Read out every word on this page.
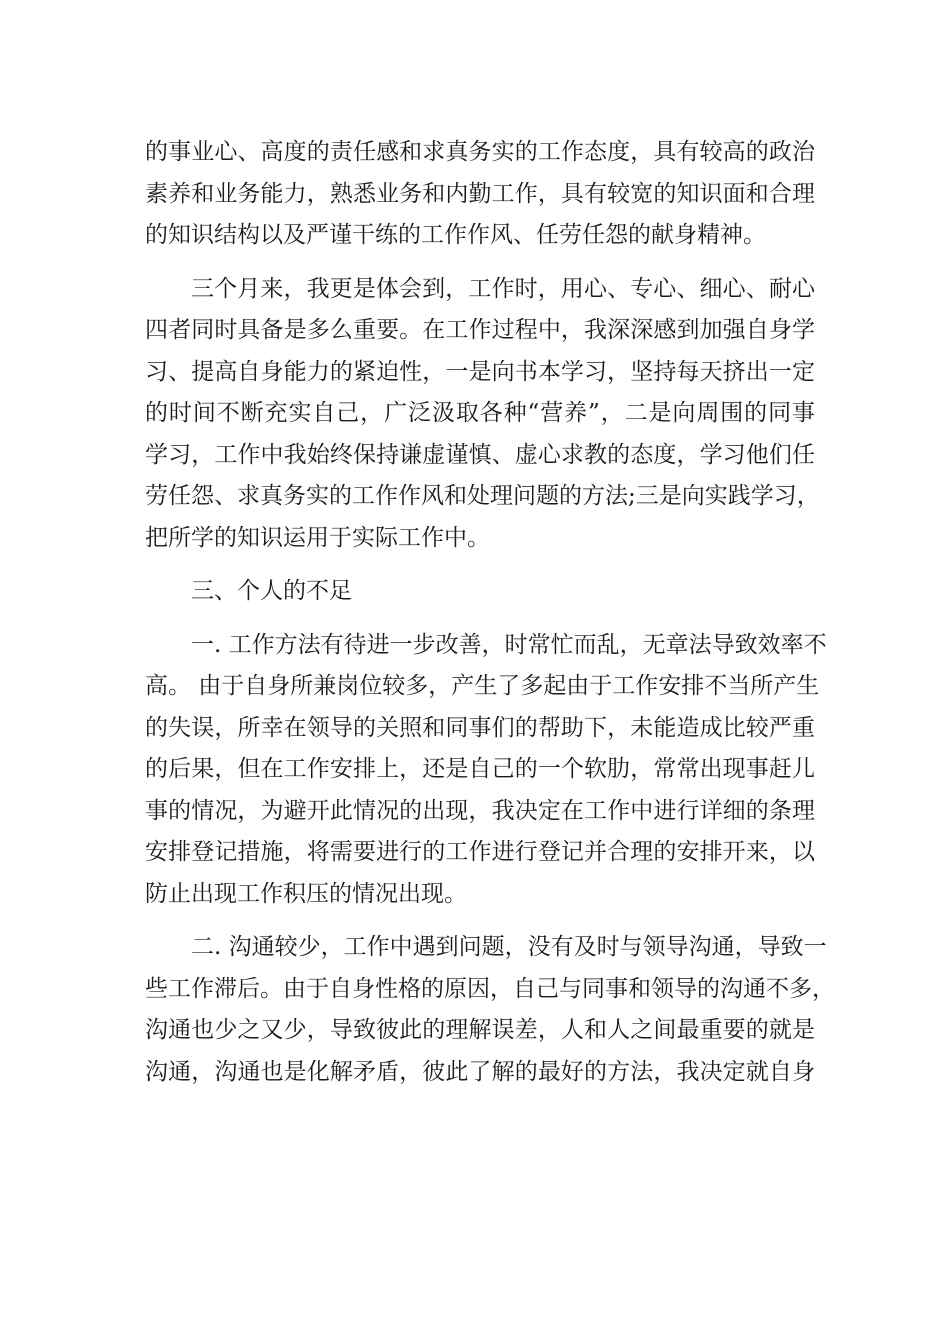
的事业心、高度的责任感和求真务实的工作态度，具有较高的政治
素养和业务能力，熟悉业务和内勤工作，具有较宽的知识面和合理
的知识结构以及严谨干练的工作作风、任劳任怨的献身精神。
三个月来，我更是体会到，工作时，用心、专心、细心、耐心
四者同时具备是多么重要。在工作过程中，我深深感到加强自身学
习、提高自身能力的紧迫性，一是向书本学习，坚持每天挤出一定
的时间不断充实自己，广泛汲取各种“营养”，二是向周围的同事
学习，工作中我始终保持谦虚谨慎、虚心求教的态度，学习他们任
劳任怨、求真务实的工作作风和处理问题的方法;三是向实践学习，
把所学的知识运用于实际工作中。
三、个人的不足
一. 工作方法有待进一步改善，时常忙而乱，无章法导致效率不
高。 由于自身所兼岗位较多，产生了多起由于工作安排不当所产生
的失误，所幸在领导的关照和同事们的帮助下，未能造成比较严重
的后果，但在工作安排上，还是自己的一个软肋，常常出现事赶儿
事的情况，为避开此情况的出现，我决定在工作中进行详细的条理
安排登记措施，将需要进行的工作进行登记并合理的安排开来，以
防止出现工作积压的情况出现。
二. 沟通较少，工作中遇到问题，没有及时与领导沟通，导致一
些工作滞后。由于自身性格的原因，自己与同事和领导的沟通不多，
沟通也少之又少，导致彼此的理解误差，人和人之间最重要的就是
沟通，沟通也是化解矛盾，彼此了解的最好的方法，我决定就自身
